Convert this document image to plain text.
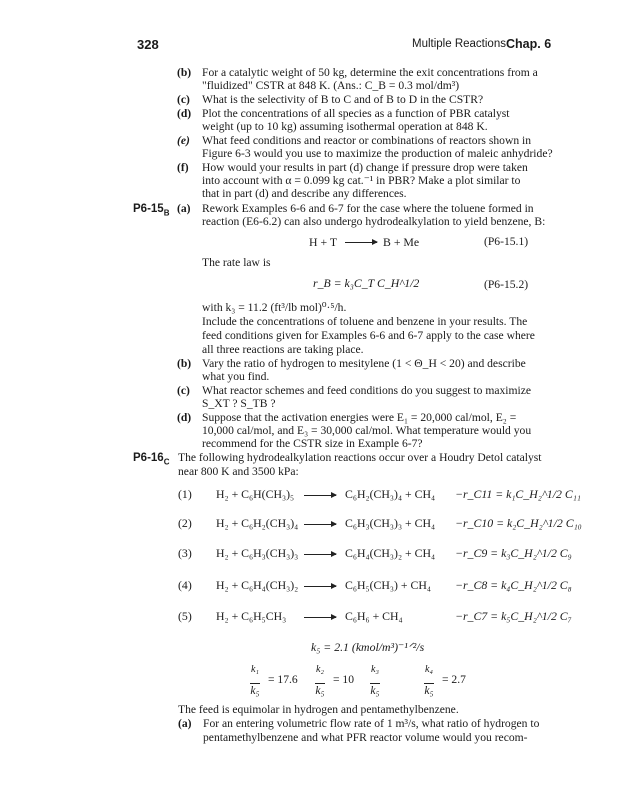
328	Multiple Reactions Chap. 6
(b) For a catalytic weight of 50 kg, determine the exit concentrations from a
"fluidized" CSTR at 848 K. (Ans.: C_B = 0.3 mol/dm³)
(c) What is the selectivity of B to C and of B to D in the CSTR?
(d) Plot the concentrations of all species as a function of PBR catalyst
weight (up to 10 kg) assuming isothermal operation at 848 K.
(e) What feed conditions and reactor or combinations of reactors shown in
Figure 6-3 would you use to maximize the production of maleic anhydride?
(f) How would your results in part (d) change if pressure drop were taken
into account with α = 0.099 kg cat.⁻¹ in PBR? Make a plot similar to
that in part (d) and describe any differences.
$P6-15_B$ (a) Rework Examples 6-6 and 6-7 for the case where the toluene formed in
reaction (E6-6.2) can also undergo hydrodealkylation to yield benzene, B:
H + T → B + Me	(P6-15.1)
The rate law is
r_B = k₃C_T C_H^1/2	(P6-15.2)
with k₃ = 11.2 (ft³/lb mol)⁰·⁵/h.
Include the concentrations of toluene and benzene in your results. The
feed conditions given for Examples 6-6 and 6-7 apply to the case where
all three reactions are taking place.
(b) Vary the ratio of hydrogen to mesitylene (1 < Θ_H < 20) and describe
what you find.
(c) What reactor schemes and feed conditions do you suggest to maximize
S_XT ? S_TB ?
(d) Suppose that the activation energies were E₁ = 20,000 cal/mol, E₂ =
10,000 cal/mol, and E₃ = 30,000 cal/mol. What temperature would you
recommend for the CSTR size in Example 6-7?
$P6-16_C$ The following hydrodealkylation reactions occur over a Houdry Detol catalyst
near 800 K and 3500 kPa:
(1) H₂ + C₆H(CH₃)₅ → C₆H₂(CH₃)₄ + CH₄ −r_C11 = k₁C_H₂^1/2 C₁₁
(2) H₂ + C₆H₂(CH₃)₄ → C₆H₃(CH₃)₃ + CH₄ −r_C10 = k₂C_H₂^1/2 C₁₀
(3) H₂ + C₆H₃(CH₃)₃ → C₆H₄(CH₃)₂ + CH₄ −r_C9 = k₃C_H₂^1/2 C₉
(4) H₂ + C₆H₄(CH₃)₂ → C₆H₅(CH₃) + CH₄ −r_C8 = k₄C_H₂^1/2 C₈
(5) H₂ + C₆H₅CH₃ → C₆H₆ + CH₄	−r_C7 = k₅C_H₂^1/2 C₇
k₅ = 2.1 (kmol/m³)⁻¹ᐟ²/s
k₁
k₅
= 17.6
k₂
k₅
= 10
k₃
k₅
k₄
k₅
= 2.7
The feed is equimolar in hydrogen and pentamethylbenzene.
(a) For an entering volumetric flow rate of 1 m³/s, what ratio of hydrogen to
pentamethylbenzene and what PFR reactor volume would you recom-
